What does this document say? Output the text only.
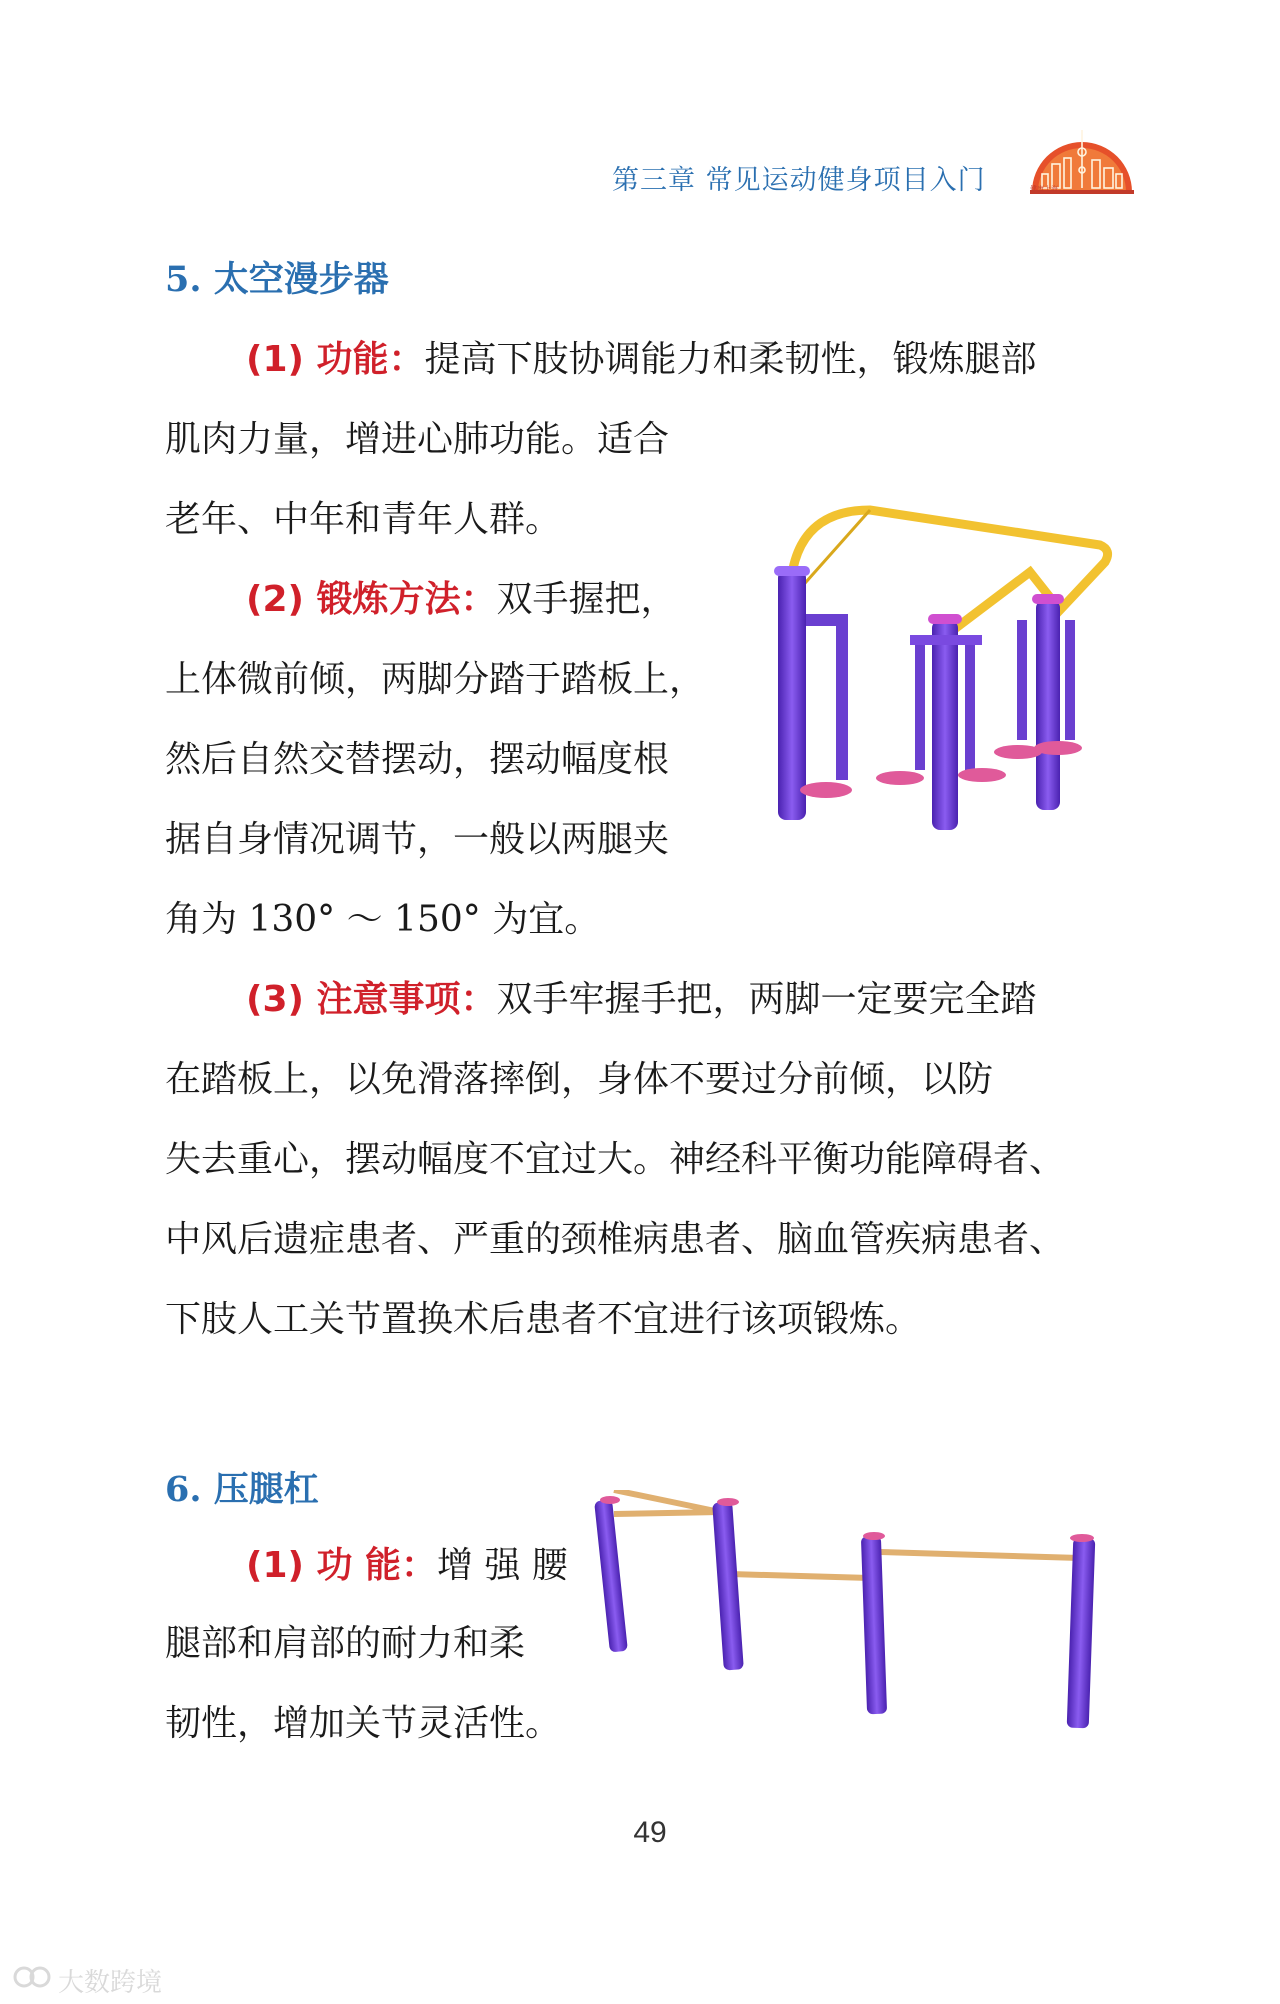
第三章 常见运动健身项目入门	健康上海
5. 太空漫步器
(1) 功能：提高下肢协调能力和柔韧性，锻炼腿部
肌肉力量，增进心肺功能。适合
老年、中年和青年人群。
(2) 锻炼方法：双手握把，
上体微前倾，两脚分踏于踏板上，
然后自然交替摆动，摆动幅度根
据自身情况调节，一般以两腿夹
角为 130° ～ 150° 为宜。
(3) 注意事项：双手牢握手把，两脚一定要完全踏
在踏板上，以免滑落摔倒，身体不要过分前倾，以防
失去重心，摆动幅度不宜过大。神经科平衡功能障碍者、
中风后遗症患者、严重的颈椎病患者、脑血管疾病患者、
下肢人工关节置换术后患者不宜进行该项锻炼。
6. 压腿杠
(1) 功 能：增 强 腰
腿部和肩部的耐力和柔
韧性，增加关节灵活性。
49
大数跨境
